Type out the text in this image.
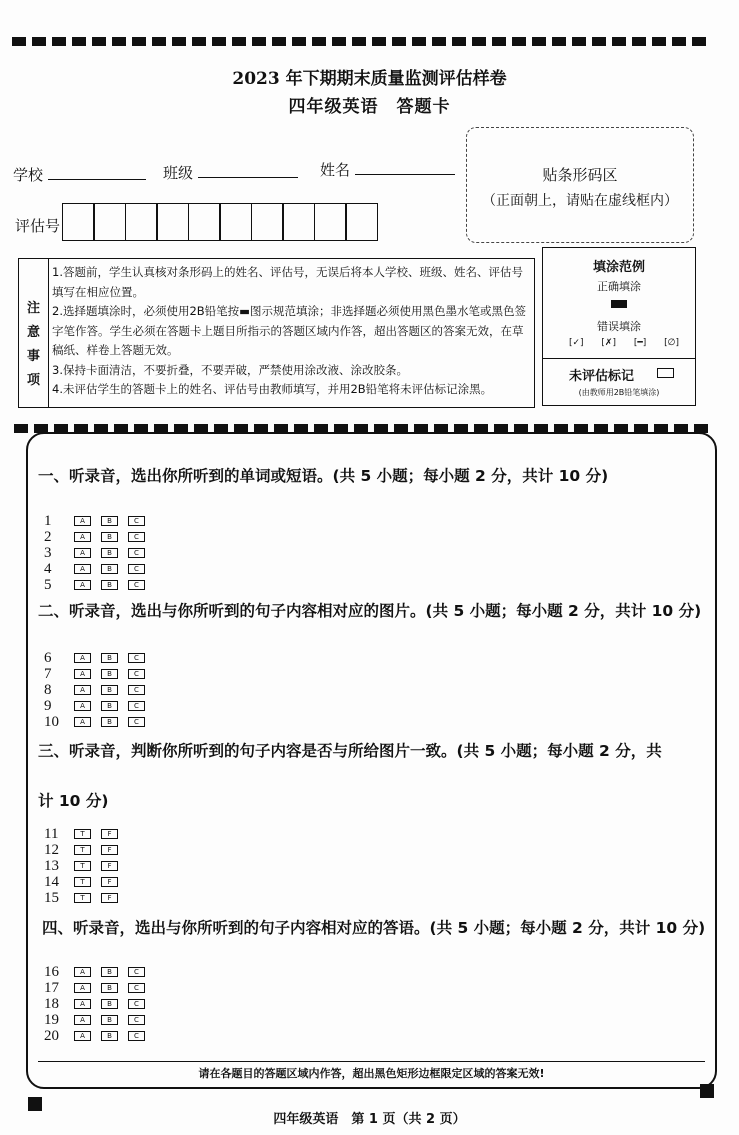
2023 年下期期末质量监测评估样卷
四年级英语　答题卡
学校	班级	姓名
评估号
贴条形码区
（正面朝上，请贴在虚线框内）
注
意
事
项

1.答题前，学生认真核对条形码上的姓名、评估号，无误后将本人学校、班级、姓名、评估号填写在相应位置。

2.选择题填涂时，必须使用2B铅笔按▬图示规范填涂；非选择题必须使用黑色墨水笔或黑色签字笔作答。学生必须在答题卡上题目所指示的答题区域内作答，超出答题区的答案无效，在草稿纸、样卷上答题无效。

3.保持卡面清洁，不要折叠，不要弄破，严禁使用涂改液、涂改胶条。

4.未评估学生的答题卡上的姓名、评估号由教师填写，并用2B铅笔将未评估标记涂黑。

填涂范例
正确填涂
错误填涂
[✓] [✗] [━] [∅]
未评估标记
(由教师用2B铅笔填涂)
一、听录音，选出你所听到的单词或短语。(共 5 小题；每小题 2 分，共计 10 分)
1	A	B	C
2	A	B	C
3	A	B	C
4	A	B	C
5	A	B	C
二、听录音，选出与你所听到的句子内容相对应的图片。(共 5 小题；每小题 2 分，共计 10 分)
6	A	B	C
7	A	B	C
8	A	B	C
9	A	B	C
10	A	B	C
三、听录音，判断你所听到的句子内容是否与所给图片一致。(共 5 小题；每小题 2 分，共
计 10 分)
11	T	F
12	T	F
13	T	F
14	T	F
15	T	F
四、听录音，选出与你所听到的句子内容相对应的答语。(共 5 小题；每小题 2 分，共计 10 分)
16	A	B	C
17	A	B	C
18	A	B	C
19	A	B	C
20	A	B	C
请在各题目的答题区域内作答，超出黑色矩形边框限定区域的答案无效!
四年级英语　第 1 页（共 2 页）
